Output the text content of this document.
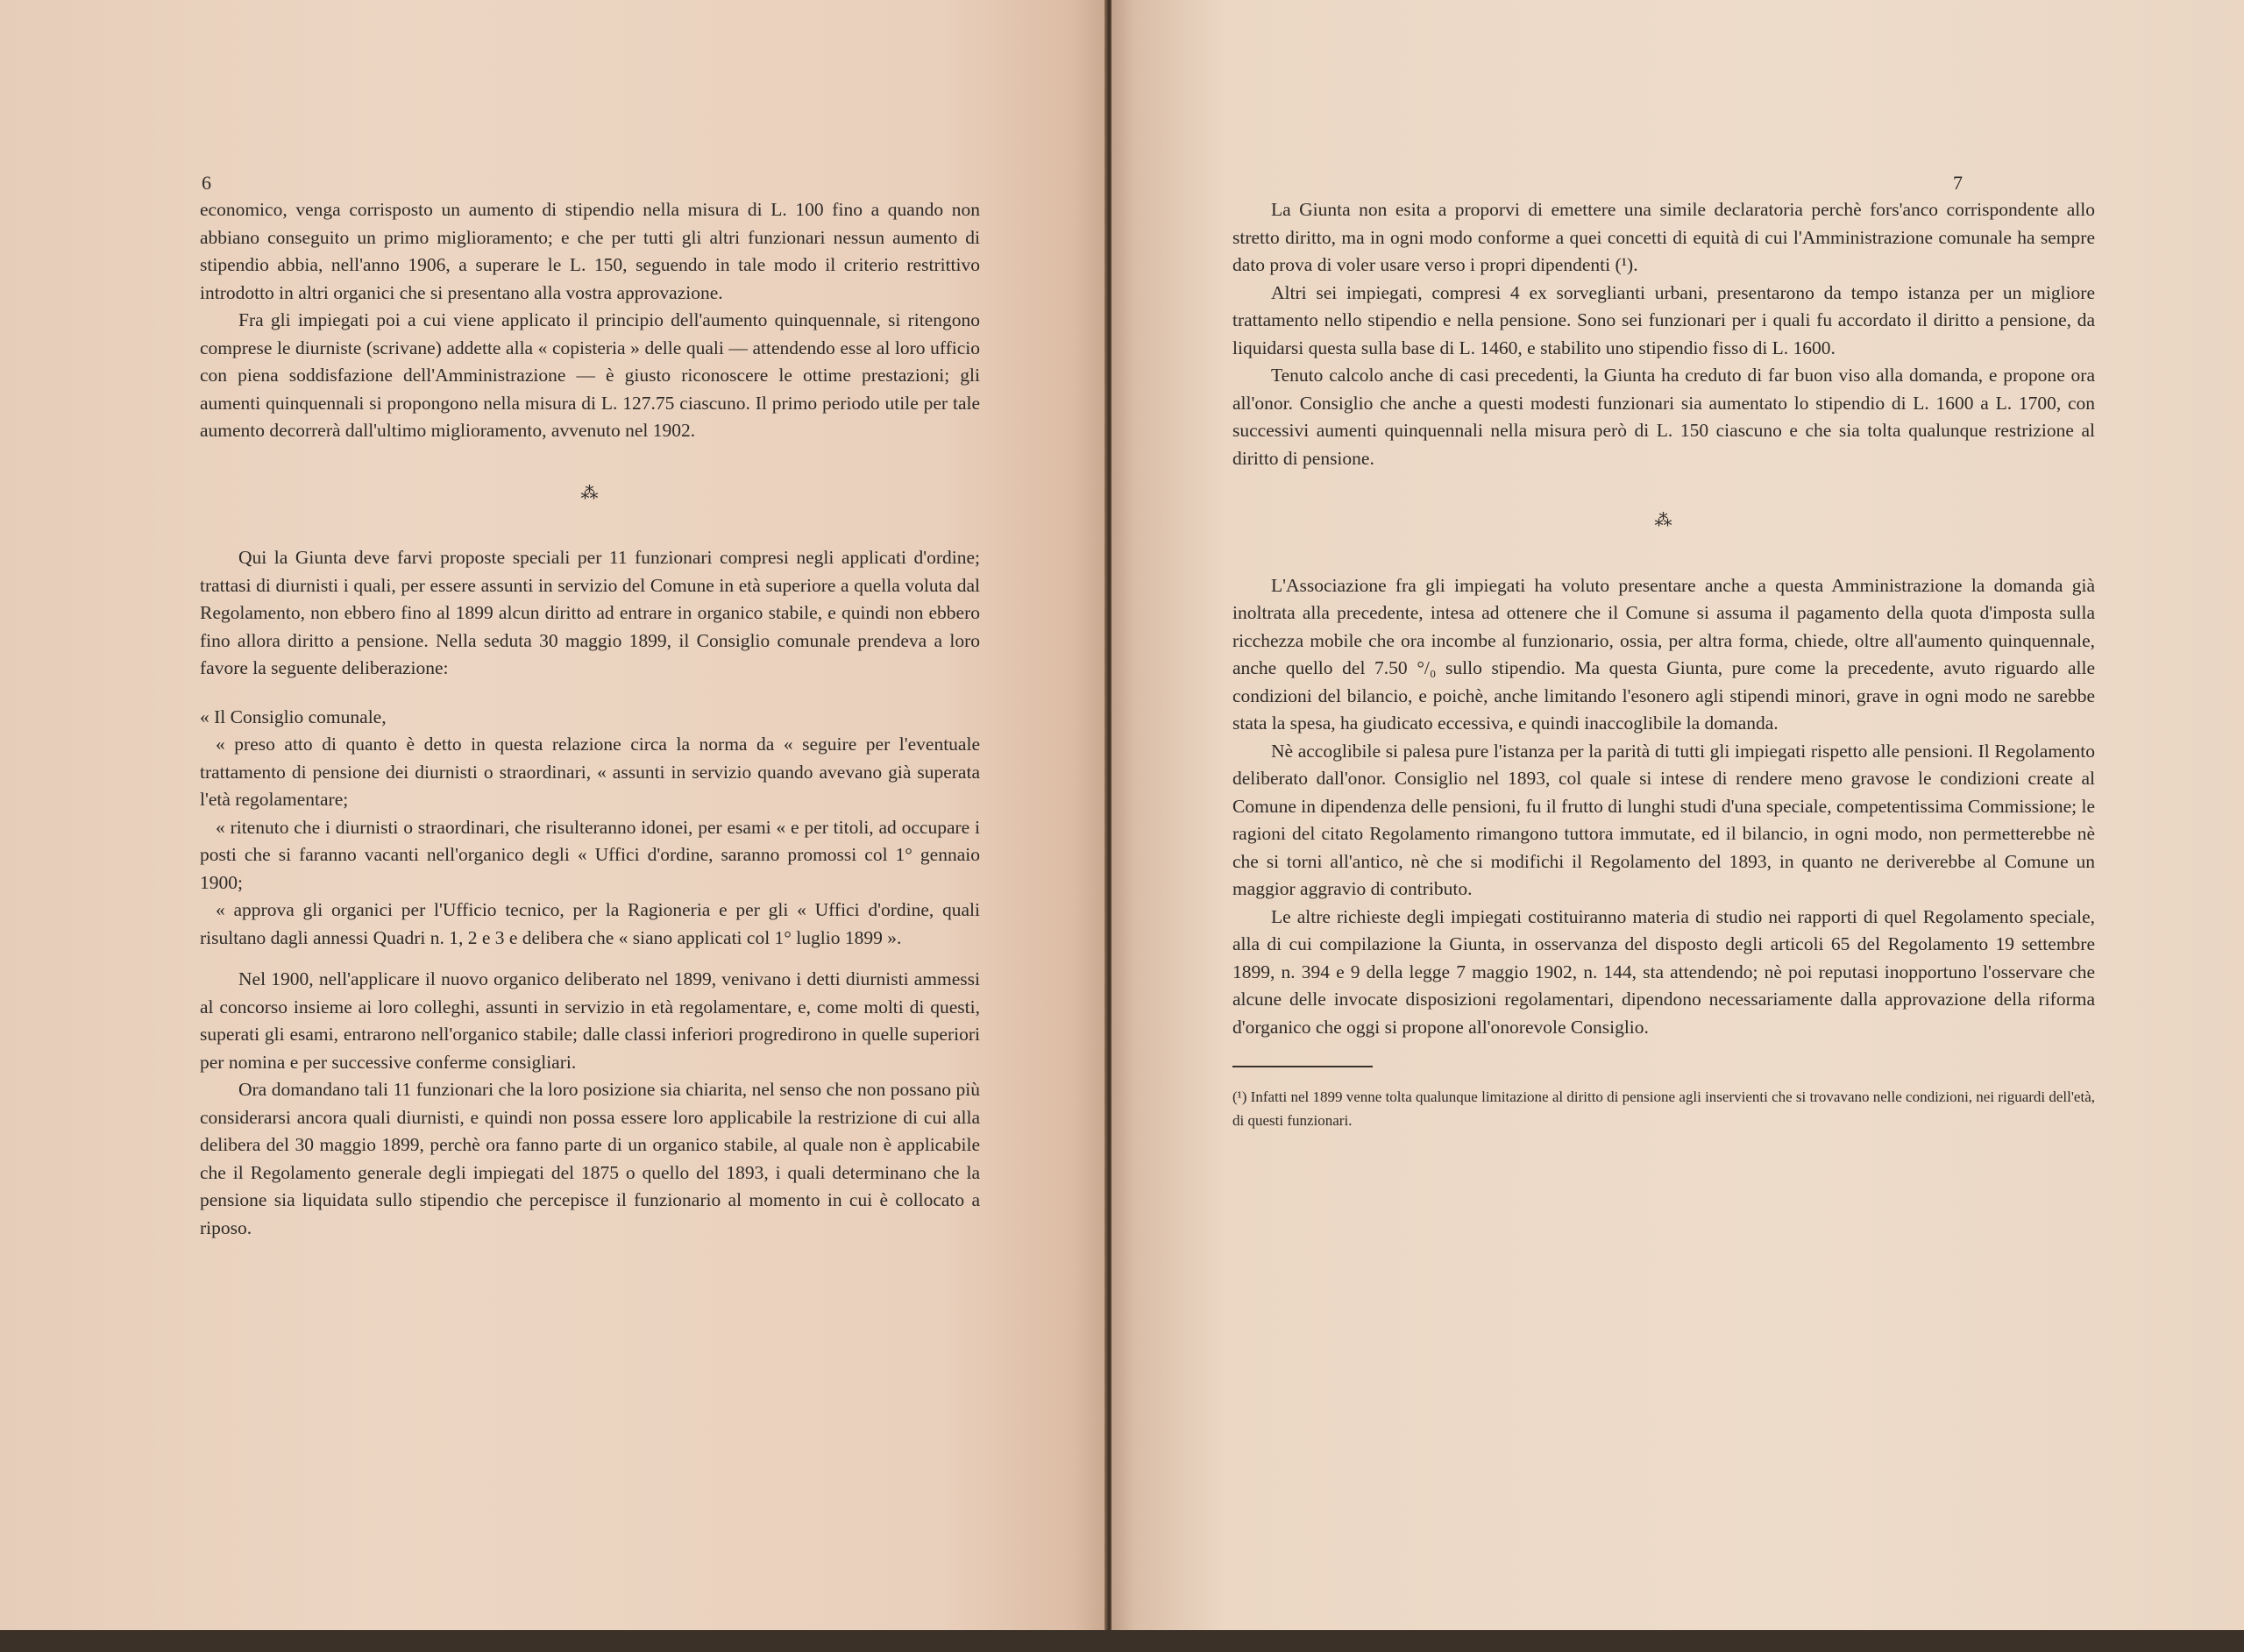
6

economico, venga corrisposto un aumento di stipendio nella misura di L. 100 fino a quando non abbiano conseguito un primo miglioramento; e che per tutti gli altri funzionari nessun aumento di stipendio abbia, nell'anno 1906, a superare le L. 150, seguendo in tale modo il criterio restrittivo introdotto in altri organici che si presentano alla vostra approvazione.

Fra gli impiegati poi a cui viene applicato il principio dell'aumento quinquennale, si ritengono comprese le diurniste (scrivane) addette alla « copisteria » delle quali — attendendo esse al loro ufficio con piena soddisfazione dell'Amministrazione — è giusto riconoscere le ottime prestazioni; gli aumenti quinquennali si propongono nella misura di L. 127.75 ciascuno. Il primo periodo utile per tale aumento decorrerà dall'ultimo miglioramento, avvenuto nel 1902.

⁂

Qui la Giunta deve farvi proposte speciali per 11 funzionari compresi negli applicati d'ordine; trattasi di diurnisti i quali, per essere assunti in servizio del Comune in età superiore a quella voluta dal Regolamento, non ebbero fino al 1899 alcun diritto ad entrare in organico stabile, e quindi non ebbero fino allora diritto a pensione. Nella seduta 30 maggio 1899, il Consiglio comunale prendeva a loro favore la seguente deliberazione:

« Il Consiglio comunale,

« preso atto di quanto è detto in questa relazione circa la norma da « seguire per l'eventuale trattamento di pensione dei diurnisti o straordinari, « assunti in servizio quando avevano già superata l'età regolamentare;

« ritenuto che i diurnisti o straordinari, che risulteranno idonei, per esami « e per titoli, ad occupare i posti che si faranno vacanti nell'organico degli « Uffici d'ordine, saranno promossi col 1° gennaio 1900;

« approva gli organici per l'Ufficio tecnico, per la Ragioneria e per gli « Uffici d'ordine, quali risultano dagli annessi Quadri n. 1, 2 e 3 e delibera che « siano applicati col 1° luglio 1899 ».

Nel 1900, nell'applicare il nuovo organico deliberato nel 1899, venivano i detti diurnisti ammessi al concorso insieme ai loro colleghi, assunti in servizio in età regolamentare, e, come molti di questi, superati gli esami, entrarono nell'organico stabile; dalle classi inferiori progredirono in quelle superiori per nomina e per successive conferme consigliari.

Ora domandano tali 11 funzionari che la loro posizione sia chiarita, nel senso che non possano più considerarsi ancora quali diurnisti, e quindi non possa essere loro applicabile la restrizione di cui alla delibera del 30 maggio 1899, perchè ora fanno parte di un organico stabile, al quale non è applicabile che il Regolamento generale degli impiegati del 1875 o quello del 1893, i quali determinano che la pensione sia liquidata sullo stipendio che percepisce il funzionario al momento in cui è collocato a riposo.

7

La Giunta non esita a proporvi di emettere una simile declaratoria perchè fors'anco corrispondente allo stretto diritto, ma in ogni modo conforme a quei concetti di equità di cui l'Amministrazione comunale ha sempre dato prova di voler usare verso i propri dipendenti (¹).

Altri sei impiegati, compresi 4 ex sorveglianti urbani, presentarono da tempo istanza per un migliore trattamento nello stipendio e nella pensione. Sono sei funzionari per i quali fu accordato il diritto a pensione, da liquidarsi questa sulla base di L. 1460, e stabilito uno stipendio fisso di L. 1600.

Tenuto calcolo anche di casi precedenti, la Giunta ha creduto di far buon viso alla domanda, e propone ora all'onor. Consiglio che anche a questi modesti funzionari sia aumentato lo stipendio di L. 1600 a L. 1700, con successivi aumenti quinquennali nella misura però di L. 150 ciascuno e che sia tolta qualunque restrizione al diritto di pensione.

⁂

L'Associazione fra gli impiegati ha voluto presentare anche a questa Amministrazione la domanda già inoltrata alla precedente, intesa ad ottenere che il Comune si assuma il pagamento della quota d'imposta sulla ricchezza mobile che ora incombe al funzionario, ossia, per altra forma, chiede, oltre all'aumento quinquennale, anche quello del 7.50 °/₀ sullo stipendio. Ma questa Giunta, pure come la precedente, avuto riguardo alle condizioni del bilancio, e poichè, anche limitando l'esonero agli stipendi minori, grave in ogni modo ne sarebbe stata la spesa, ha giudicato eccessiva, e quindi inaccoglibile la domanda.

Nè accoglibile si palesa pure l'istanza per la parità di tutti gli impiegati rispetto alle pensioni. Il Regolamento deliberato dall'onor. Consiglio nel 1893, col quale si intese di rendere meno gravose le condizioni create al Comune in dipendenza delle pensioni, fu il frutto di lunghi studi d'una speciale, competentissima Commissione; le ragioni del citato Regolamento rimangono tuttora immutate, ed il bilancio, in ogni modo, non permetterebbe nè che si torni all'antico, nè che si modifichi il Regolamento del 1893, in quanto ne deriverebbe al Comune un maggior aggravio di contributo.

Le altre richieste degli impiegati costituiranno materia di studio nei rapporti di quel Regolamento speciale, alla di cui compilazione la Giunta, in osservanza del disposto degli articoli 65 del Regolamento 19 settembre 1899, n. 394 e 9 della legge 7 maggio 1902, n. 144, sta attendendo; nè poi reputasi inopportuno l'osservare che alcune delle invocate disposizioni regolamentari, dipendono necessariamente dalla approvazione della riforma d'organico che oggi si propone all'onorevole Consiglio.

(¹) Infatti nel 1899 venne tolta qualunque limitazione al diritto di pensione agli inservienti che si trovavano nelle condizioni, nei riguardi dell'età, di questi funzionari.
